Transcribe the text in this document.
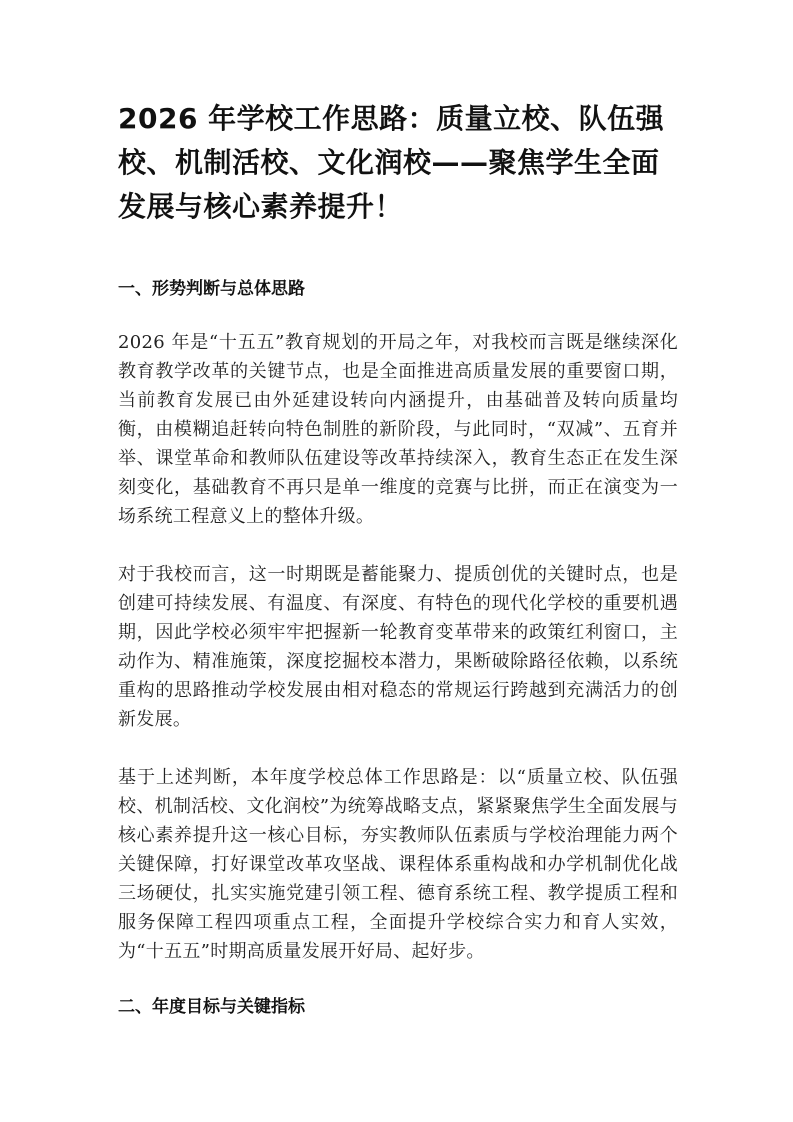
2026 年学校工作思路：质量立校、队伍强校、机制活校、文化润校——聚焦学生全面发展与核心素养提升！
一、形势判断与总体思路

2026 年是“十五五”教育规划的开局之年，对我校而言既是继续深化教育教学改革的关键节点，也是全面推进高质量发展的重要窗口期，当前教育发展已由外延建设转向内涵提升，由基础普及转向质量均衡，由模糊追赶转向特色制胜的新阶段，与此同时，“双减”、五育并举、课堂革命和教师队伍建设等改革持续深入，教育生态正在发生深刻变化，基础教育不再只是单一维度的竞赛与比拼，而正在演变为一场系统工程意义上的整体升级。

对于我校而言，这一时期既是蓄能聚力、提质创优的关键时点，也是创建可持续发展、有温度、有深度、有特色的现代化学校的重要机遇期，因此学校必须牢牢把握新一轮教育变革带来的政策红利窗口，主动作为、精准施策，深度挖掘校本潜力，果断破除路径依赖，以系统重构的思路推动学校发展由相对稳态的常规运行跨越到充满活力的创新发展。

基于上述判断，本年度学校总体工作思路是：以“质量立校、队伍强校、机制活校、文化润校”为统筹战略支点，紧紧聚焦学生全面发展与核心素养提升这一核心目标，夯实教师队伍素质与学校治理能力两个关键保障，打好课堂改革攻坚战、课程体系重构战和办学机制优化战三场硬仗，扎实实施党建引领工程、德育系统工程、教学提质工程和服务保障工程四项重点工程，全面提升学校综合实力和育人实效，为“十五五”时期高质量发展开好局、起好步。

二、年度目标与关键指标
